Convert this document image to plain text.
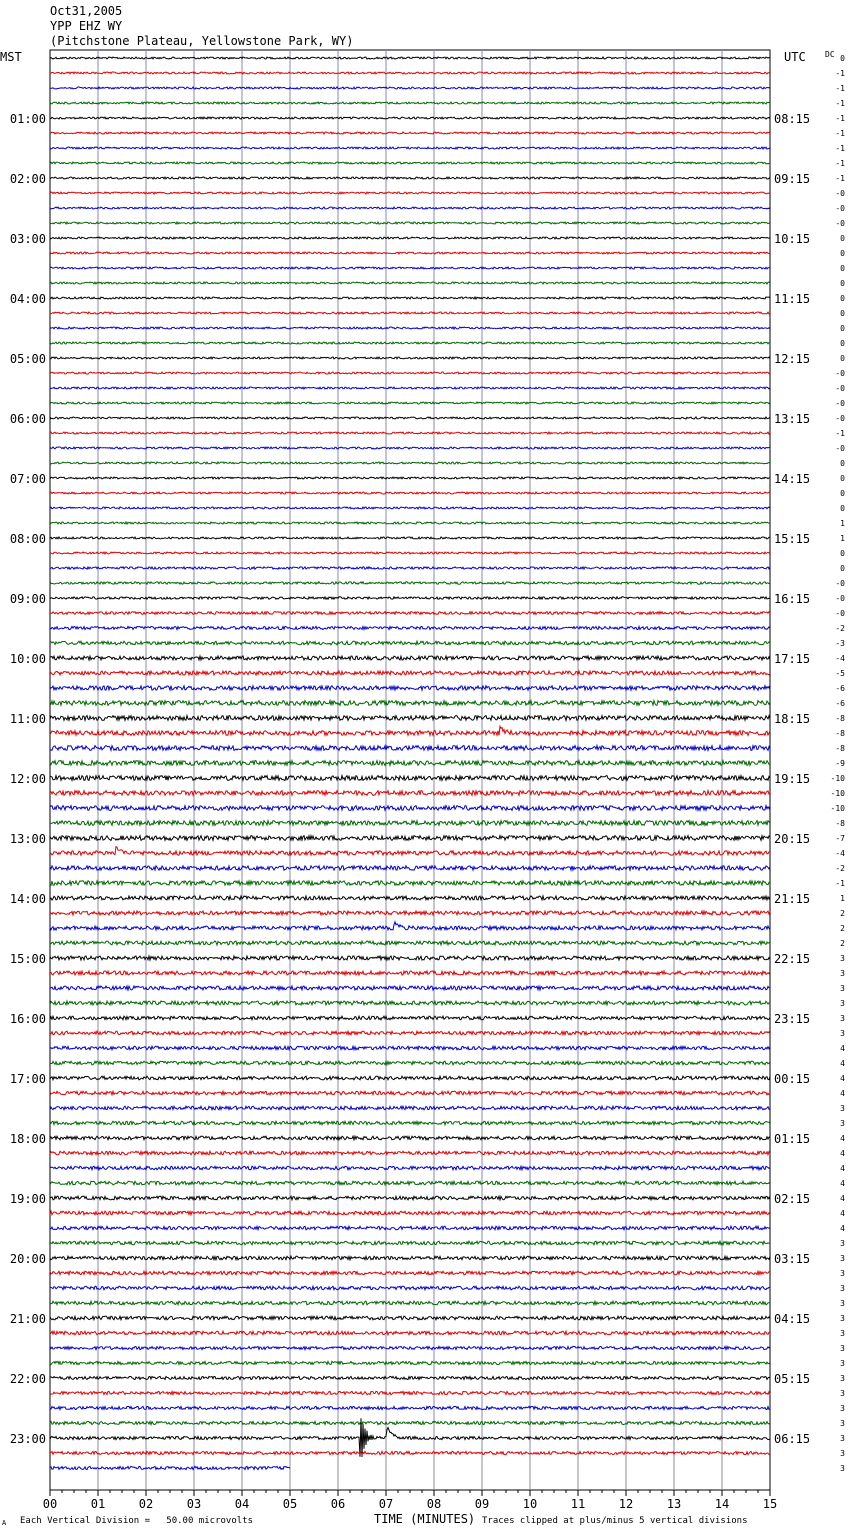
Oct31,2005
YPP EHZ WY
(Pitchstone Plateau, Yellowstone Park, WY)
MST	UTC	0
-1
-1
-1
-1
-1
-1
-1
-1
-0
-0
-0
0
0
0
0
0
0
0
0
0
-0
-0
-0
-0
-1
-0
0
0
0
0
1
1
0
0
-0
-0
-0
-2
-3
-4
-5
-6
-6
-8
-8
-8
-9
-10
-10
-10
-8
-7
-4
-2
-1
1
2
2
2
3
3
3
3
3
3
4
4
4
4
3
3
4
4
4
4
4
4
4
3
3
3
3
3
3
3
3
3
3
3
3
3
3
3
3
DC
01:00	08:15
02:00	09:15
03:00	10:15
04:00	11:15
05:00	12:15
06:00	13:15
07:00	14:15
08:00	15:15
09:00	16:15
10:00	17:15
11:00	18:15
12:00	19:15
13:00	20:15
14:00	21:15
15:00	22:15
16:00	23:15
17:00	00:15
18:00	01:15
19:00	02:15
20:00	03:15
21:00	04:15
22:00	05:15
23:00	06:15
00	01	02	03	04	05	06	07	08	09	10	11	12	13	14	15
Each Vertical Division =   50.00 microvolts	TIME (MINUTES) Traces clipped at plus/minus 5 vertical divisions
A
